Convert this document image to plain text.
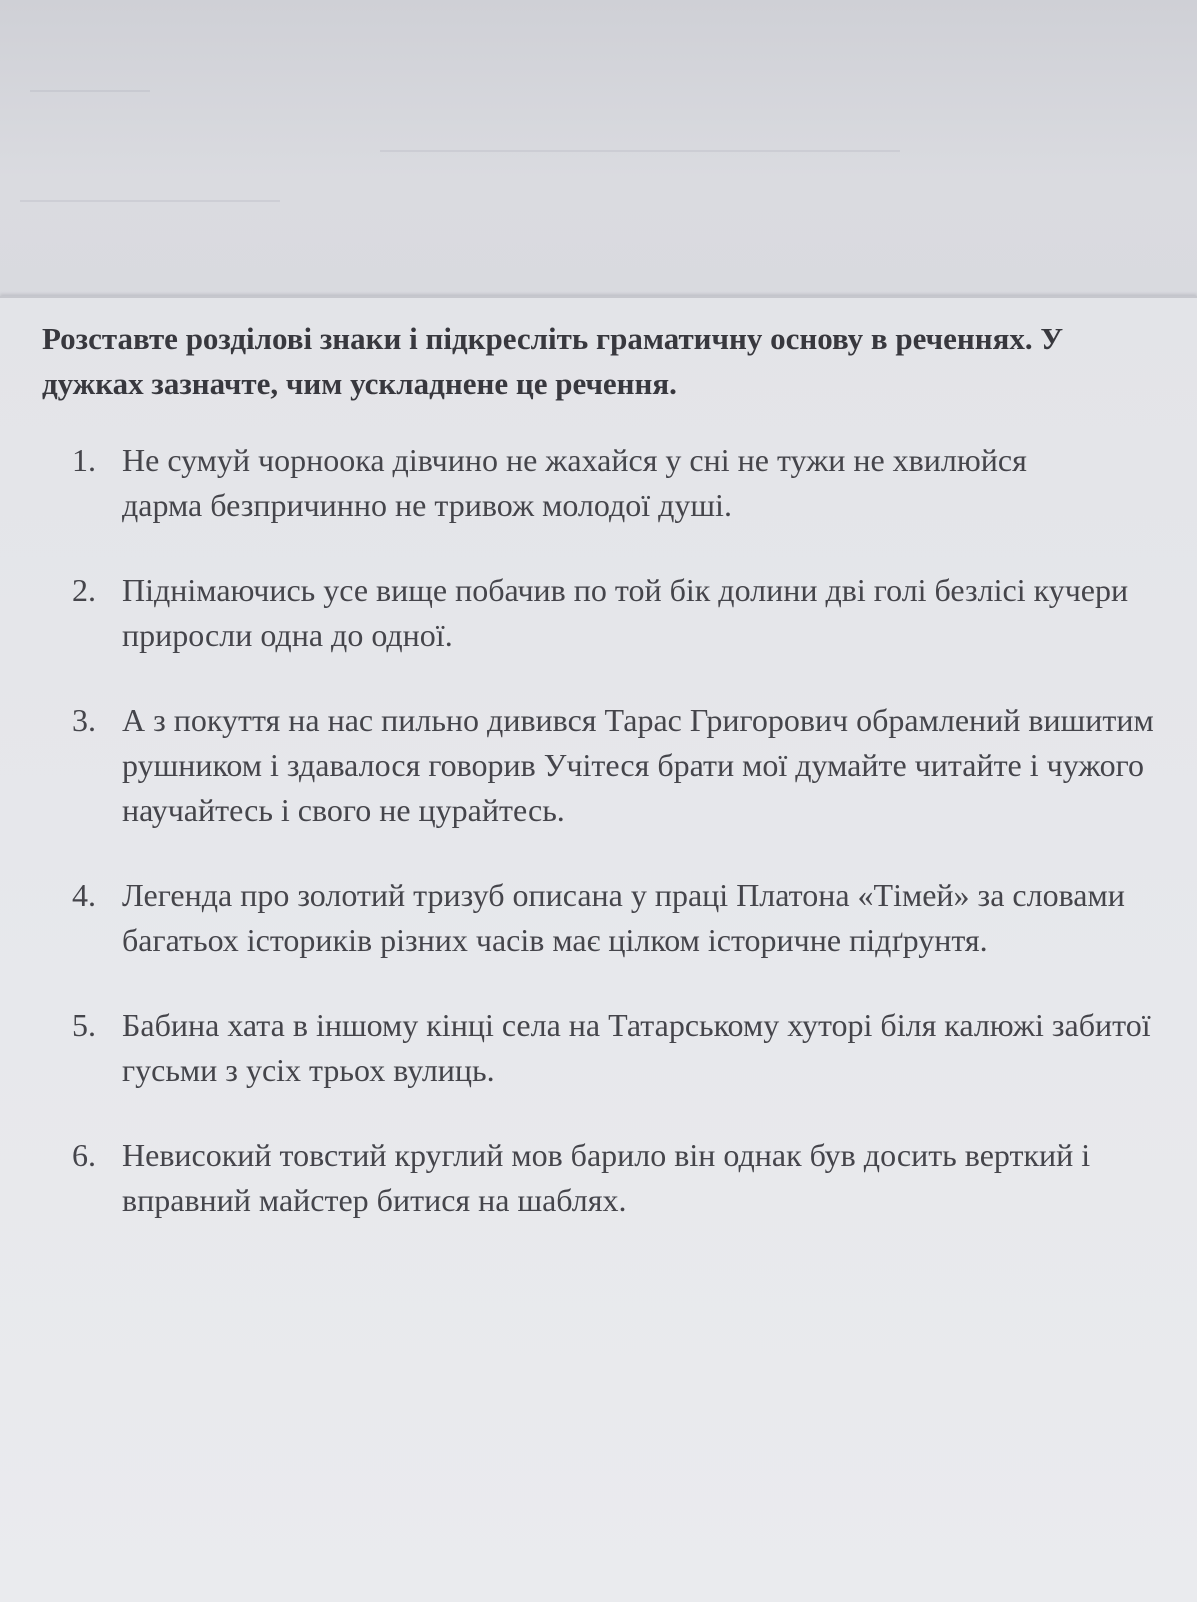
Розставте розділові знаки і підкресліть граматичну основу в реченнях. У дужках зазначте, чим ускладнене це речення.
1. Не сумуй чорноока дівчино не жахайся у сні не тужи не хвилюйся дарма безпричинно не тривож молодої душі.
2. Піднімаючись усе вище побачив по той бік долини дві голі безлісі кучери приросли одна до одної.
3. А з покуття на нас пильно дивився Тарас Григорович обрамлений вишитим рушником і здавалося говорив Учітеся брати мої думайте читайте і чужого научайтесь і свого не цурайтесь.
4. Легенда про золотий тризуб описана у праці Платона «Тімей» за словами багатьох істориків різних часів має цілком історичне підґрунтя.
5. Бабина хата в іншому кінці села на Татарському хуторі біля калюжі забитої гусьми з усіх трьох вулиць.
6. Невисокий товстий круглий мов барило він однак був досить верткий і вправний майстер битися на шаблях.
